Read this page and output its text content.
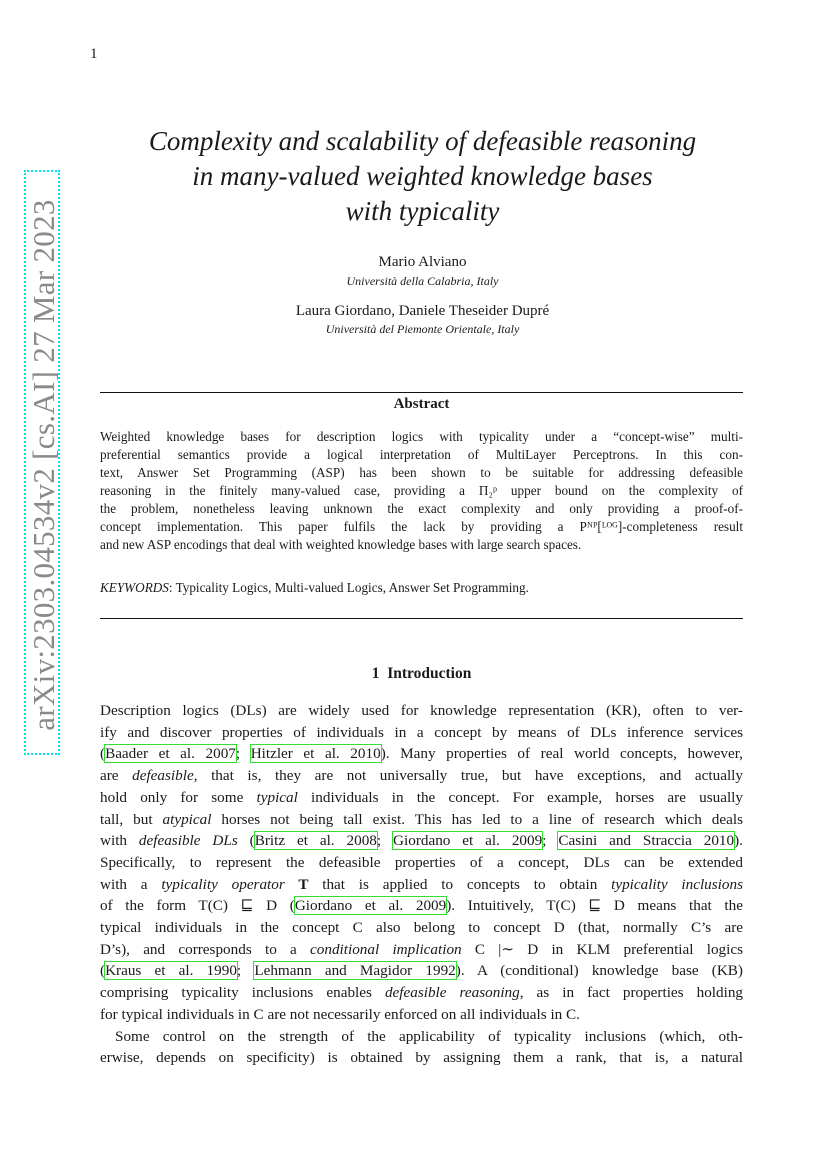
1
arXiv:2303.04534v2 [cs.AI] 27 Mar 2023
Complexity and scalability of defeasible reasoning
in many-valued weighted knowledge bases
with typicality
Mario Alviano
Università della Calabria, Italy
Laura Giordano, Daniele Theseider Dupré
Università del Piemonte Orientale, Italy
Abstract
Weighted knowledge bases for description logics with typicality under a “concept-wise” multi-
preferential semantics provide a logical interpretation of MultiLayer Perceptrons. In this con-
text, Answer Set Programming (ASP) has been shown to be suitable for addressing defeasible
reasoning in the finitely many-valued case, providing a Π₂ᵖ upper bound on the complexity of
the problem, nonetheless leaving unknown the exact complexity and only providing a proof-of-
concept implementation. This paper fulfils the lack by providing a Pᴺᴾ[ᴸᴼᴳ]-completeness result
and new ASP encodings that deal with weighted knowledge bases with large search spaces.
KEYWORDS: Typicality Logics, Multi-valued Logics, Answer Set Programming.
1 Introduction
Description logics (DLs) are widely used for knowledge representation (KR), often to ver-
ify and discover properties of individuals in a concept by means of DLs inference services
(Baader et al. 2007; Hitzler et al. 2010). Many properties of real world concepts, however,
are defeasible, that is, they are not universally true, but have exceptions, and actually
hold only for some typical individuals in the concept. For example, horses are usually
tall, but atypical horses not being tall exist. This has led to a line of research which deals
with defeasible DLs (Britz et al. 2008; Giordano et al. 2009; Casini and Straccia 2010).
Specifically, to represent the defeasible properties of a concept, DLs can be extended
with a typicality operator T that is applied to concepts to obtain typicality inclusions
of the form T(C) ⊑ D (Giordano et al. 2009). Intuitively, T(C) ⊑ D means that the
typical individuals in the concept C also belong to concept D (that, normally C’s are
D’s), and corresponds to a conditional implication C |∼ D in KLM preferential logics
(Kraus et al. 1990; Lehmann and Magidor 1992). A (conditional) knowledge base (KB)
comprising typicality inclusions enables defeasible reasoning, as in fact properties holding
for typical individuals in C are not necessarily enforced on all individuals in C.
Some control on the strength of the applicability of typicality inclusions (which, oth-
erwise, depends on specificity) is obtained by assigning them a rank, that is, a natural
